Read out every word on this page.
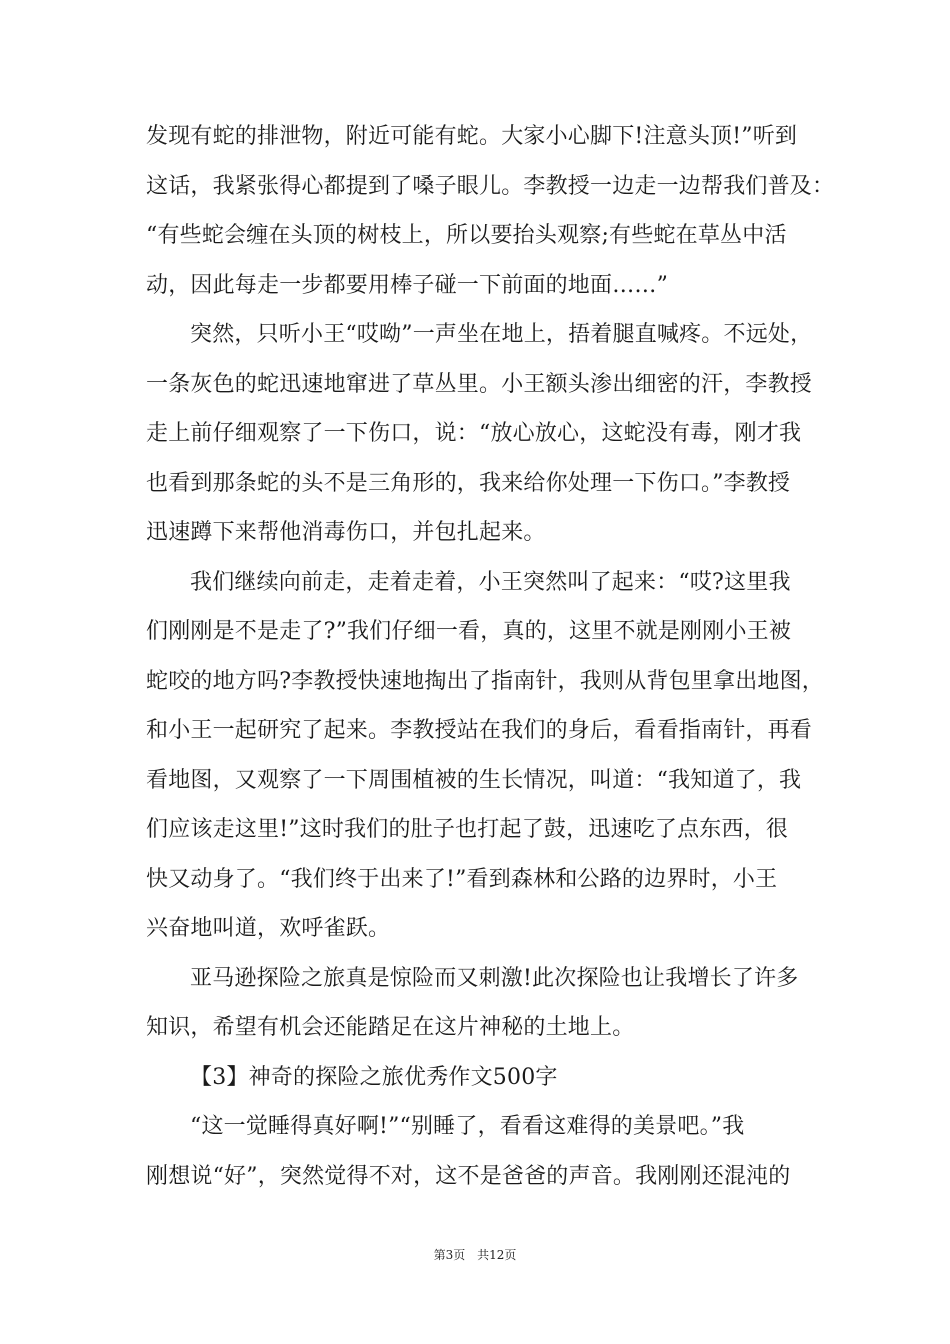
发现有蛇的排泄物，附近可能有蛇。大家小心脚下!注意头顶!”听到
这话，我紧张得心都提到了嗓子眼儿。李教授一边走一边帮我们普及：
“有些蛇会缠在头顶的树枝上，所以要抬头观察;有些蛇在草丛中活
动，因此每走一步都要用棒子碰一下前面的地面……”
突然，只听小王“哎呦”一声坐在地上，捂着腿直喊疼。不远处，
一条灰色的蛇迅速地窜进了草丛里。小王额头渗出细密的汗，李教授
走上前仔细观察了一下伤口，说：“放心放心，这蛇没有毒，刚才我
也看到那条蛇的头不是三角形的，我来给你处理一下伤口。”李教授
迅速蹲下来帮他消毒伤口，并包扎起来。
我们继续向前走，走着走着，小王突然叫了起来：“哎?这里我
们刚刚是不是走了?”我们仔细一看，真的，这里不就是刚刚小王被
蛇咬的地方吗?李教授快速地掏出了指南针，我则从背包里拿出地图，
和小王一起研究了起来。李教授站在我们的身后，看看指南针，再看
看地图，又观察了一下周围植被的生长情况，叫道：“我知道了，我
们应该走这里!”这时我们的肚子也打起了鼓，迅速吃了点东西，很
快又动身了。“我们终于出来了!”看到森林和公路的边界时，小王
兴奋地叫道，欢呼雀跃。
亚马逊探险之旅真是惊险而又刺激!此次探险也让我增长了许多
知识，希望有机会还能踏足在这片神秘的土地上。
【3】神奇的探险之旅优秀作文500字
“这一觉睡得真好啊!”“别睡了，看看这难得的美景吧。”我
刚想说“好”，突然觉得不对，这不是爸爸的声音。我刚刚还混沌的
第3页 共12页
